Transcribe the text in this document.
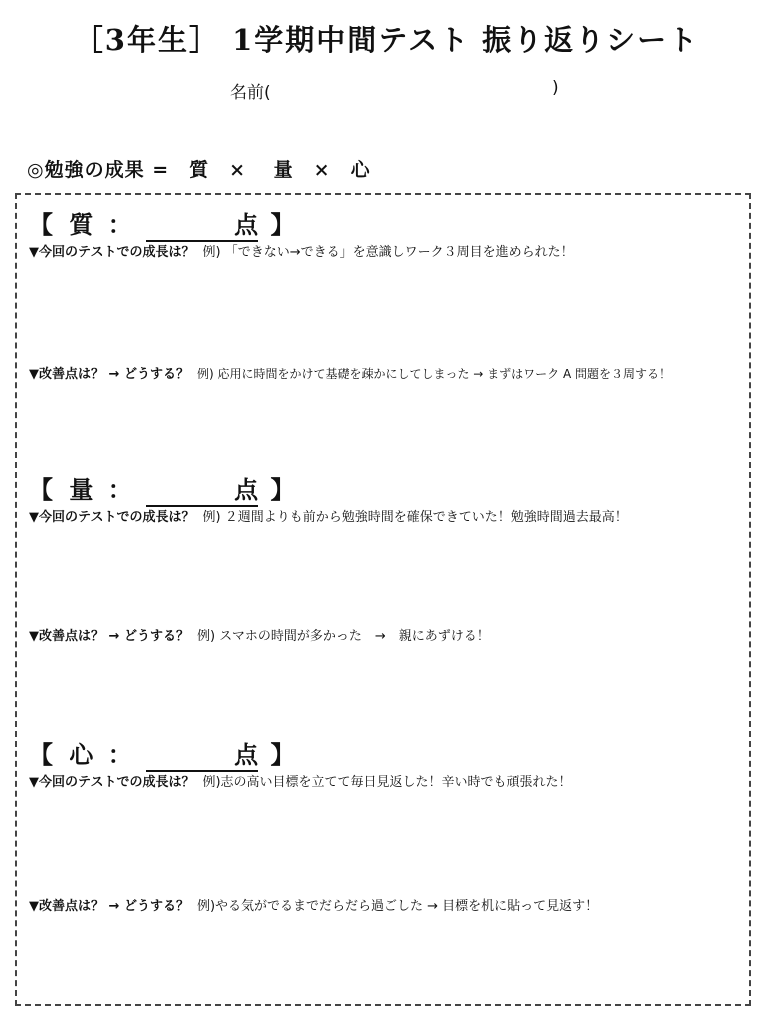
［3年生］ 1学期中間テスト 振り返りシート
名前(	)
◎勉強の成果 =　質　×　 量　×　心
【 質 ：	点 】
▼今回のテストでの成長は？ 例) 「できない→できる」を意識しワーク３周目を進められた！
▼改善点は？ → どうする？ 例) 応用に時間をかけて基礎を疎かにしてしまった → まずはワーク A 問題を３周する！
【 量 ：	点 】
▼今回のテストでの成長は？ 例) ２週間よりも前から勉強時間を確保できていた！勉強時間過去最高！
▼改善点は？ → どうする？ 例) スマホの時間が多かった　→　親にあずける！
【 心 ：	点 】
▼今回のテストでの成長は？ 例)志の高い目標を立てて毎日見返した！辛い時でも頑張れた！
▼改善点は？ → どうする？ 例)やる気がでるまでだらだら過ごした → 目標を机に貼って見返す！
